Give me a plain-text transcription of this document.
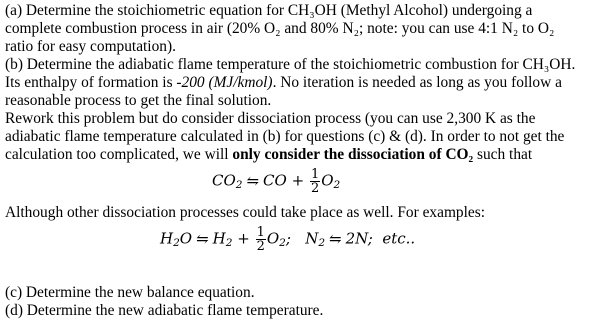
(a) Determine the stoichiometric equation for CH₃OH (Methyl Alcohol) undergoing a
complete combustion process in air (20% O₂ and 80% N₂; note: you can use 4:1 N₂ to O₂
ratio for easy computation).
(b) Determine the adiabatic flame temperature of the stoichiometric combustion for CH₃OH.
Its enthalpy of formation is -200 (MJ/kmol). No iteration is needed as long as you follow a
reasonable process to get the final solution.
Rework this problem but do consider dissociation process (you can use 2,300 K as the
adiabatic flame temperature calculated in (b) for questions (c) & (d). In order to not get the
calculation too complicated, we will only consider the dissociation of CO₂ such that
$CO_2$ ⇋ CO + $\frac{1}{2} O_2$
Although other dissociation processes could take place as well. For examples:
$H_2O$ ⇋ $H_2 + \frac{1}{2} O_2$;   $N_2$ ⇋ 2N;  etc..
(c) Determine the new balance equation.
(d) Determine the new adiabatic flame temperature.
